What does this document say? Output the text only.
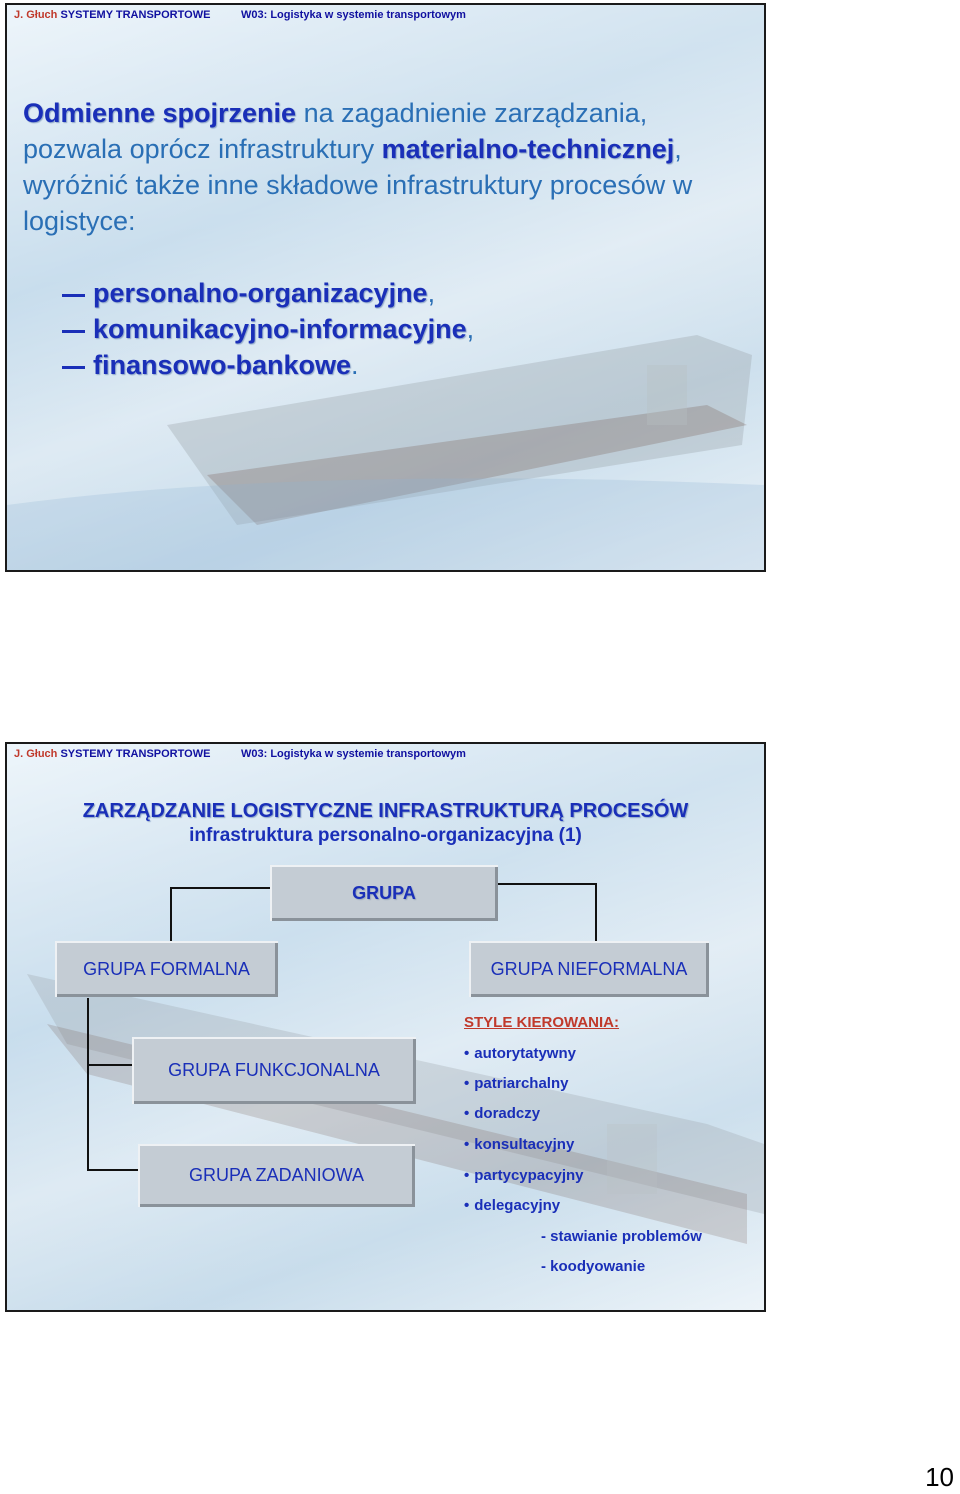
J. Głuch SYSTEMY TRANSPORTOWE	W03: Logistyka w systemie transportowym
Odmienne spojrzenie na zagadnienie zarządzania, pozwala oprócz infrastruktury materialno-technicznej, wyróżnić także inne składowe infrastruktury procesów w logistyce:
personalno-organizacyjne ,
komunikacyjno-informacyjne ,
finansowo-bankowe .
J. Głuch SYSTEMY TRANSPORTOWE	W03: Logistyka w systemie transportowym
ZARZĄDZANIE LOGISTYCZNE INFRASTRUKTURĄ PROCESÓW
infrastruktura personalno-organizacyjna (1)
GRUPA
GRUPA FORMALNA	GRUPA NIEFORMALNA
GRUPA FUNKCJONALNA
GRUPA ZADANIOWA
STYLE KIEROWANIA:
• autorytatywny
• patriarchalny
• doradczy
• konsultacyjny
• partycypacyjny
• delegacyjny
- stawianie problemów
- koodyowanie
10
